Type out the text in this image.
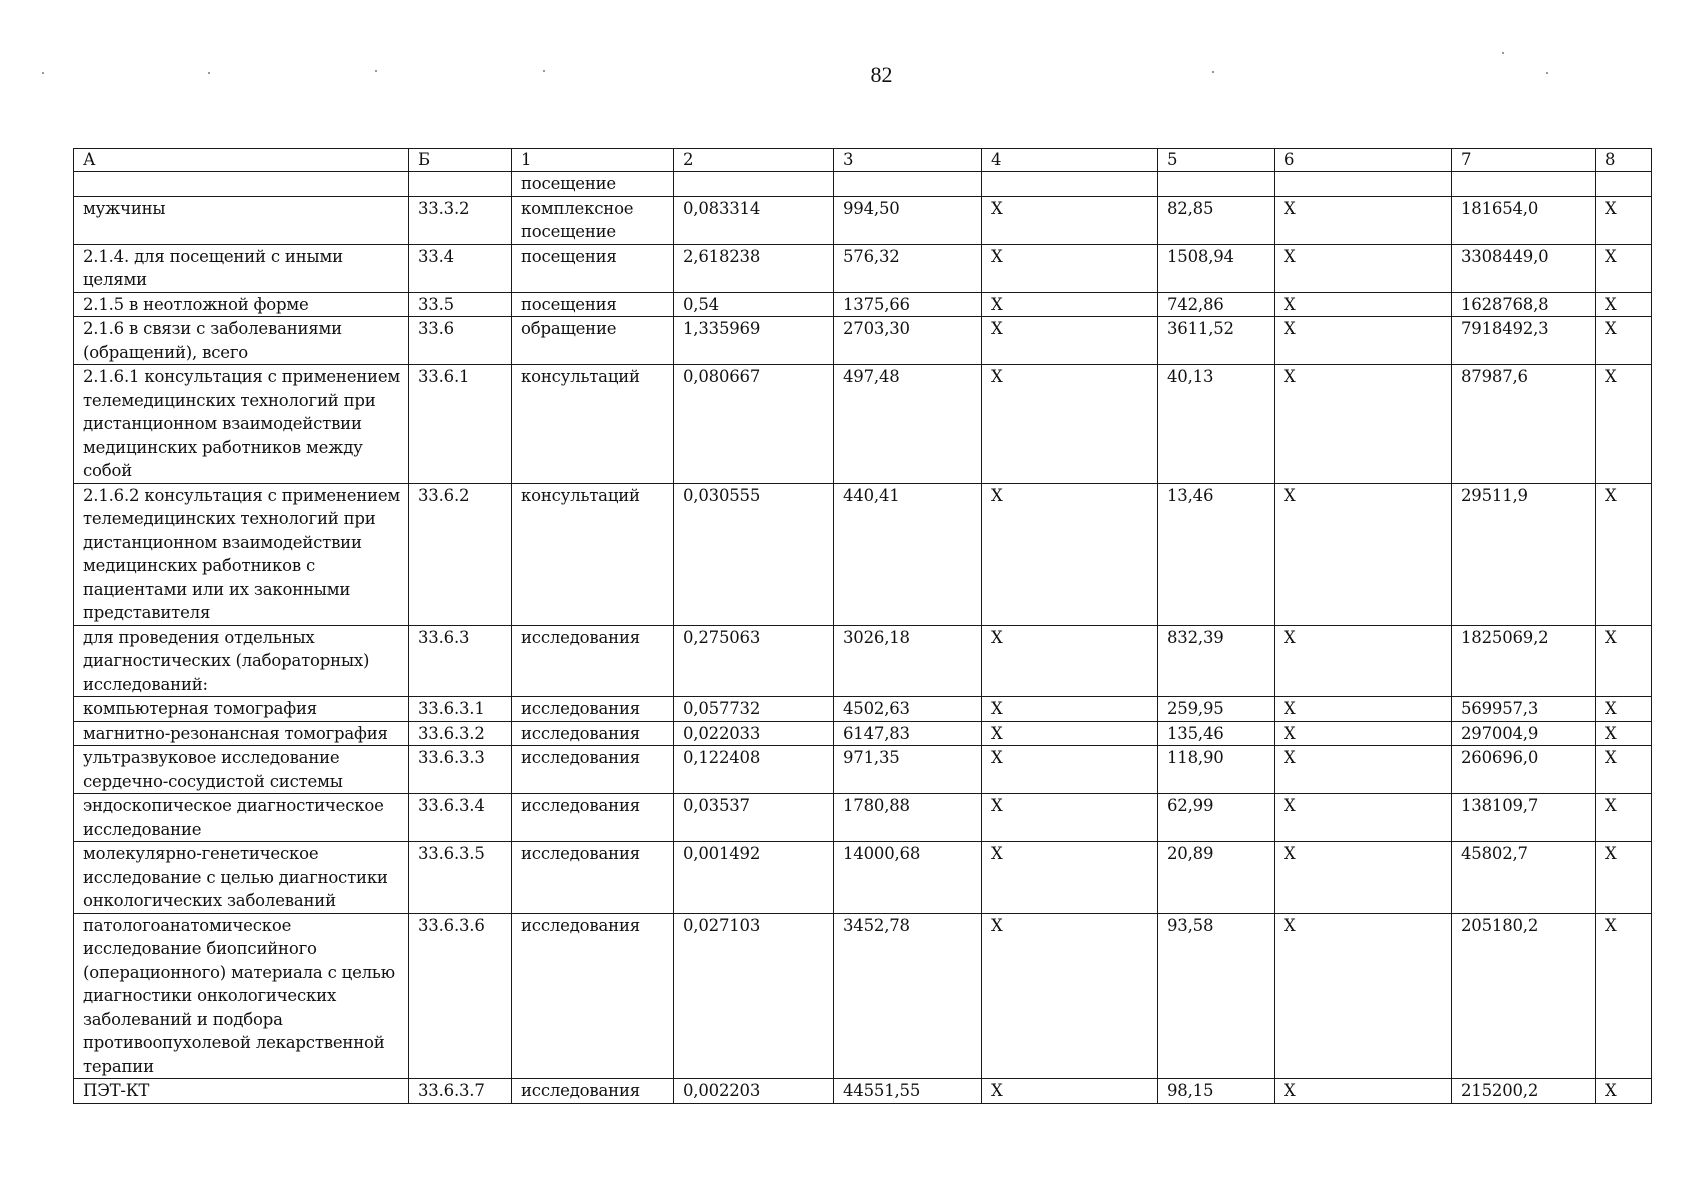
82
А	Б	1	2	3	4	5	6	7	8
		посещение							
мужчины	33.3.2	комплексное посещение	0,083314	994,50	Х	82,85	Х	181654,0	Х
2.1.4. для посещений с иными целями	33.4	посещения	2,618238	576,32	Х	1508,94	Х	3308449,0	Х
2.1.5 в неотложной форме	33.5	посещения	0,54	1375,66	Х	742,86	Х	1628768,8	Х
2.1.6 в связи с заболеваниями (обращений), всего	33.6	обращение	1,335969	2703,30	Х	3611,52	Х	7918492,3	Х
2.1.6.1 консультация с применением телемедицинских технологий при дистанционном взаимодействии медицинских работников между собой	33.6.1	консультаций	0,080667	497,48	Х	40,13	Х	87987,6	Х
2.1.6.2 консультация с применением телемедицинских технологий при дистанционном взаимодействии медицинских работников с пациентами или их законными представителя	33.6.2	консультаций	0,030555	440,41	Х	13,46	Х	29511,9	Х
для проведения отдельных диагностических (лабораторных) исследований:	33.6.3	исследования	0,275063	3026,18	Х	832,39	Х	1825069,2	Х
компьютерная томография	33.6.3.1	исследования	0,057732	4502,63	Х	259,95	Х	569957,3	Х
магнитно-резонансная томография	33.6.3.2	исследования	0,022033	6147,83	Х	135,46	Х	297004,9	Х
ультразвуковое исследование сердечно-сосудистой системы	33.6.3.3	исследования	0,122408	971,35	Х	118,90	Х	260696,0	Х
эндоскопическое диагностическое исследование	33.6.3.4	исследования	0,03537	1780,88	Х	62,99	Х	138109,7	Х
молекулярно-генетическое исследование с целью диагностики онкологических заболеваний	33.6.3.5	исследования	0,001492	14000,68	Х	20,89	Х	45802,7	Х
патологоанатомическое исследование биопсийного (операционного) материала с целью диагностики онкологических заболеваний и подбора противоопухолевой лекарственной терапии	33.6.3.6	исследования	0,027103	3452,78	Х	93,58	Х	205180,2	Х
ПЭТ-КТ	33.6.3.7	исследования	0,002203	44551,55	Х	98,15	Х	215200,2	Х
